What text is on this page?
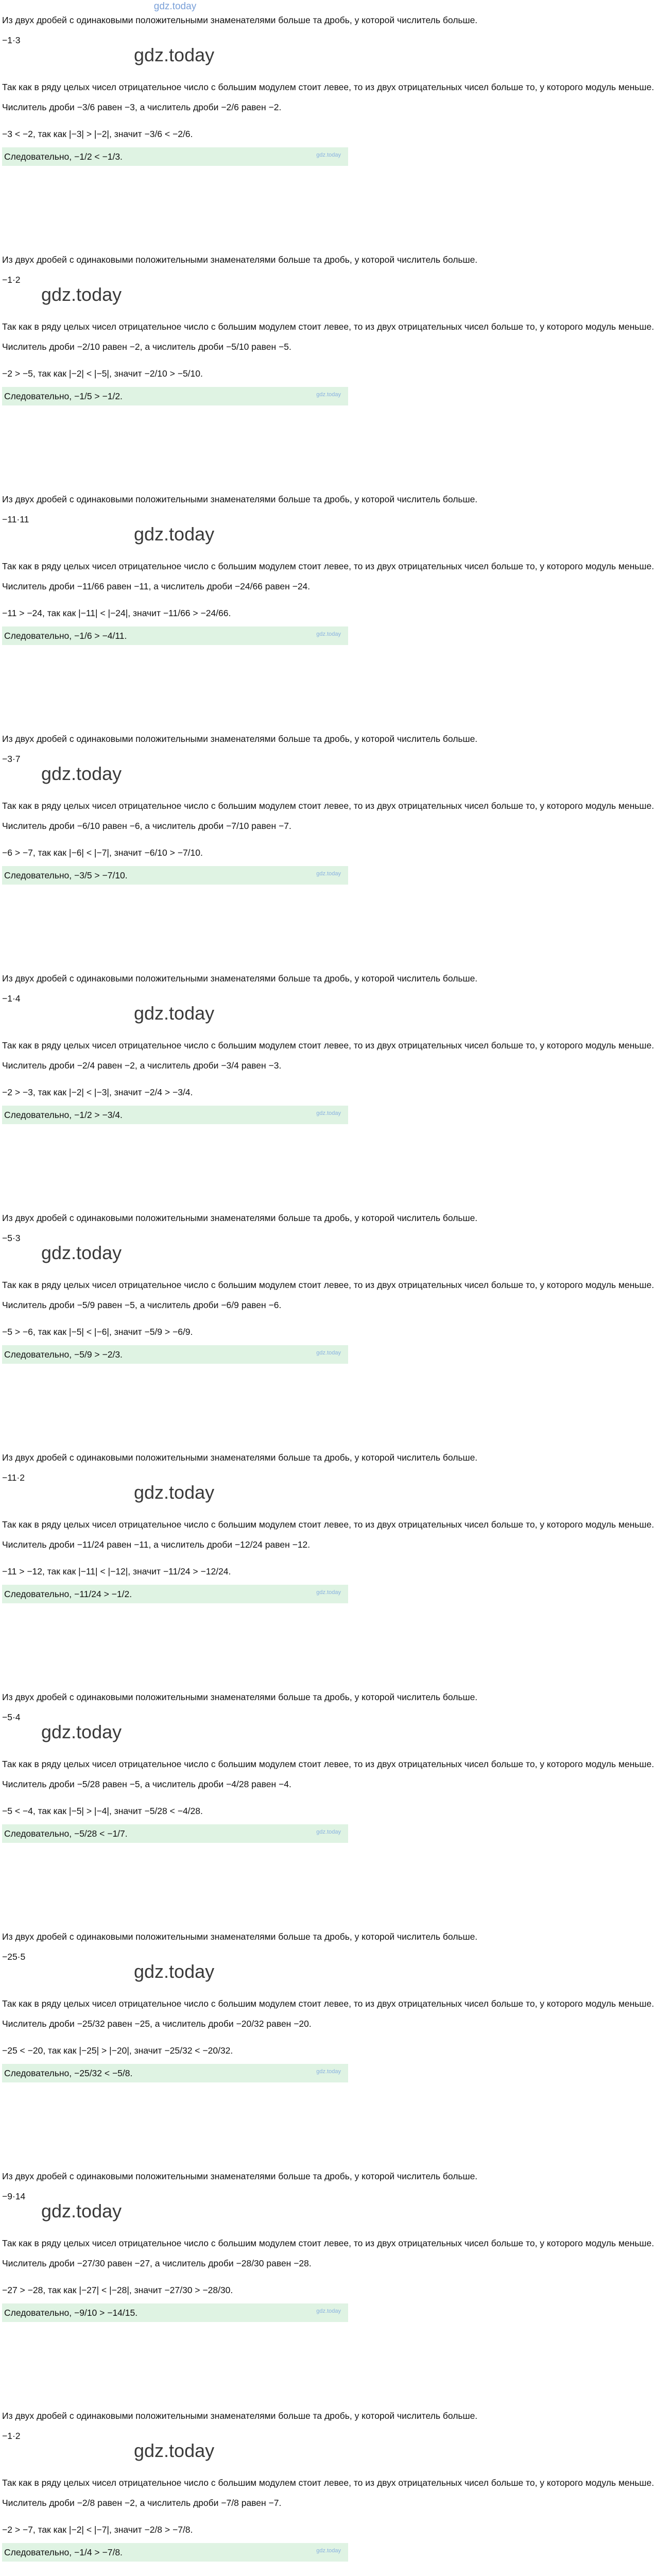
gdz.today
Из двух дробей с одинаковыми положительными знаменателями больше та дробь, у которой числитель больше.
−1·3
Так как в ряду целых чисел отрицательное число с большим модулем стоит левее, то из двух отрицательных чисел больше то, у которого модуль меньше.
Числитель дроби −3/6 равен −3, а числитель дроби −2/6 равен −2.
−3 < −2, так как |−3| > |−2|, значит −3/6 < −2/6.
Следовательно, −1/2 < −1/3.	gdz.today
gdz.today
Из двух дробей с одинаковыми положительными знаменателями больше та дробь, у которой числитель больше.
−1·2
Так как в ряду целых чисел отрицательное число с большим модулем стоит левее, то из двух отрицательных чисел больше то, у которого модуль меньше.
Числитель дроби −2/10 равен −2, а числитель дроби −5/10 равен −5.
−2 > −5, так как |−2| < |−5|, значит −2/10 > −5/10.
Следовательно, −1/5 > −1/2.	gdz.today
gdz.today
Из двух дробей с одинаковыми положительными знаменателями больше та дробь, у которой числитель больше.
−11·11
Так как в ряду целых чисел отрицательное число с большим модулем стоит левее, то из двух отрицательных чисел больше то, у которого модуль меньше.
Числитель дроби −11/66 равен −11, а числитель дроби −24/66 равен −24.
−11 > −24, так как |−11| < |−24|, значит −11/66 > −24/66.
Следовательно, −1/6 > −4/11.	gdz.today
gdz.today
Из двух дробей с одинаковыми положительными знаменателями больше та дробь, у которой числитель больше.
−3·7
Так как в ряду целых чисел отрицательное число с большим модулем стоит левее, то из двух отрицательных чисел больше то, у которого модуль меньше.
Числитель дроби −6/10 равен −6, а числитель дроби −7/10 равен −7.
−6 > −7, так как |−6| < |−7|, значит −6/10 > −7/10.
Следовательно, −3/5 > −7/10.	gdz.today
gdz.today
Из двух дробей с одинаковыми положительными знаменателями больше та дробь, у которой числитель больше.
−1·4
Так как в ряду целых чисел отрицательное число с большим модулем стоит левее, то из двух отрицательных чисел больше то, у которого модуль меньше.
Числитель дроби −2/4 равен −2, а числитель дроби −3/4 равен −3.
−2 > −3, так как |−2| < |−3|, значит −2/4 > −3/4.
Следовательно, −1/2 > −3/4.	gdz.today
gdz.today
Из двух дробей с одинаковыми положительными знаменателями больше та дробь, у которой числитель больше.
−5·3
Так как в ряду целых чисел отрицательное число с большим модулем стоит левее, то из двух отрицательных чисел больше то, у которого модуль меньше.
Числитель дроби −5/9 равен −5, а числитель дроби −6/9 равен −6.
−5 > −6, так как |−5| < |−6|, значит −5/9 > −6/9.
Следовательно, −5/9 > −2/3.	gdz.today
gdz.today
Из двух дробей с одинаковыми положительными знаменателями больше та дробь, у которой числитель больше.
−11·2
Так как в ряду целых чисел отрицательное число с большим модулем стоит левее, то из двух отрицательных чисел больше то, у которого модуль меньше.
Числитель дроби −11/24 равен −11, а числитель дроби −12/24 равен −12.
−11 > −12, так как |−11| < |−12|, значит −11/24 > −12/24.
Следовательно, −11/24 > −1/2.	gdz.today
gdz.today
Из двух дробей с одинаковыми положительными знаменателями больше та дробь, у которой числитель больше.
−5·4
Так как в ряду целых чисел отрицательное число с большим модулем стоит левее, то из двух отрицательных чисел больше то, у которого модуль меньше.
Числитель дроби −5/28 равен −5, а числитель дроби −4/28 равен −4.
−5 < −4, так как |−5| > |−4|, значит −5/28 < −4/28.
Следовательно, −5/28 < −1/7.	gdz.today
gdz.today
Из двух дробей с одинаковыми положительными знаменателями больше та дробь, у которой числитель больше.
−25·5
Так как в ряду целых чисел отрицательное число с большим модулем стоит левее, то из двух отрицательных чисел больше то, у которого модуль меньше.
Числитель дроби −25/32 равен −25, а числитель дроби −20/32 равен −20.
−25 < −20, так как |−25| > |−20|, значит −25/32 < −20/32.
Следовательно, −25/32 < −5/8.	gdz.today
gdz.today
Из двух дробей с одинаковыми положительными знаменателями больше та дробь, у которой числитель больше.
−9·14
Так как в ряду целых чисел отрицательное число с большим модулем стоит левее, то из двух отрицательных чисел больше то, у которого модуль меньше.
Числитель дроби −27/30 равен −27, а числитель дроби −28/30 равен −28.
−27 > −28, так как |−27| < |−28|, значит −27/30 > −28/30.
Следовательно, −9/10 > −14/15.	gdz.today
gdz.today
Из двух дробей с одинаковыми положительными знаменателями больше та дробь, у которой числитель больше.
−1·2
Так как в ряду целых чисел отрицательное число с большим модулем стоит левее, то из двух отрицательных чисел больше то, у которого модуль меньше.
Числитель дроби −2/8 равен −2, а числитель дроби −7/8 равен −7.
−2 > −7, так как |−2| < |−7|, значит −2/8 > −7/8.
Следовательно, −1/4 > −7/8.	gdz.today
gdz.today
